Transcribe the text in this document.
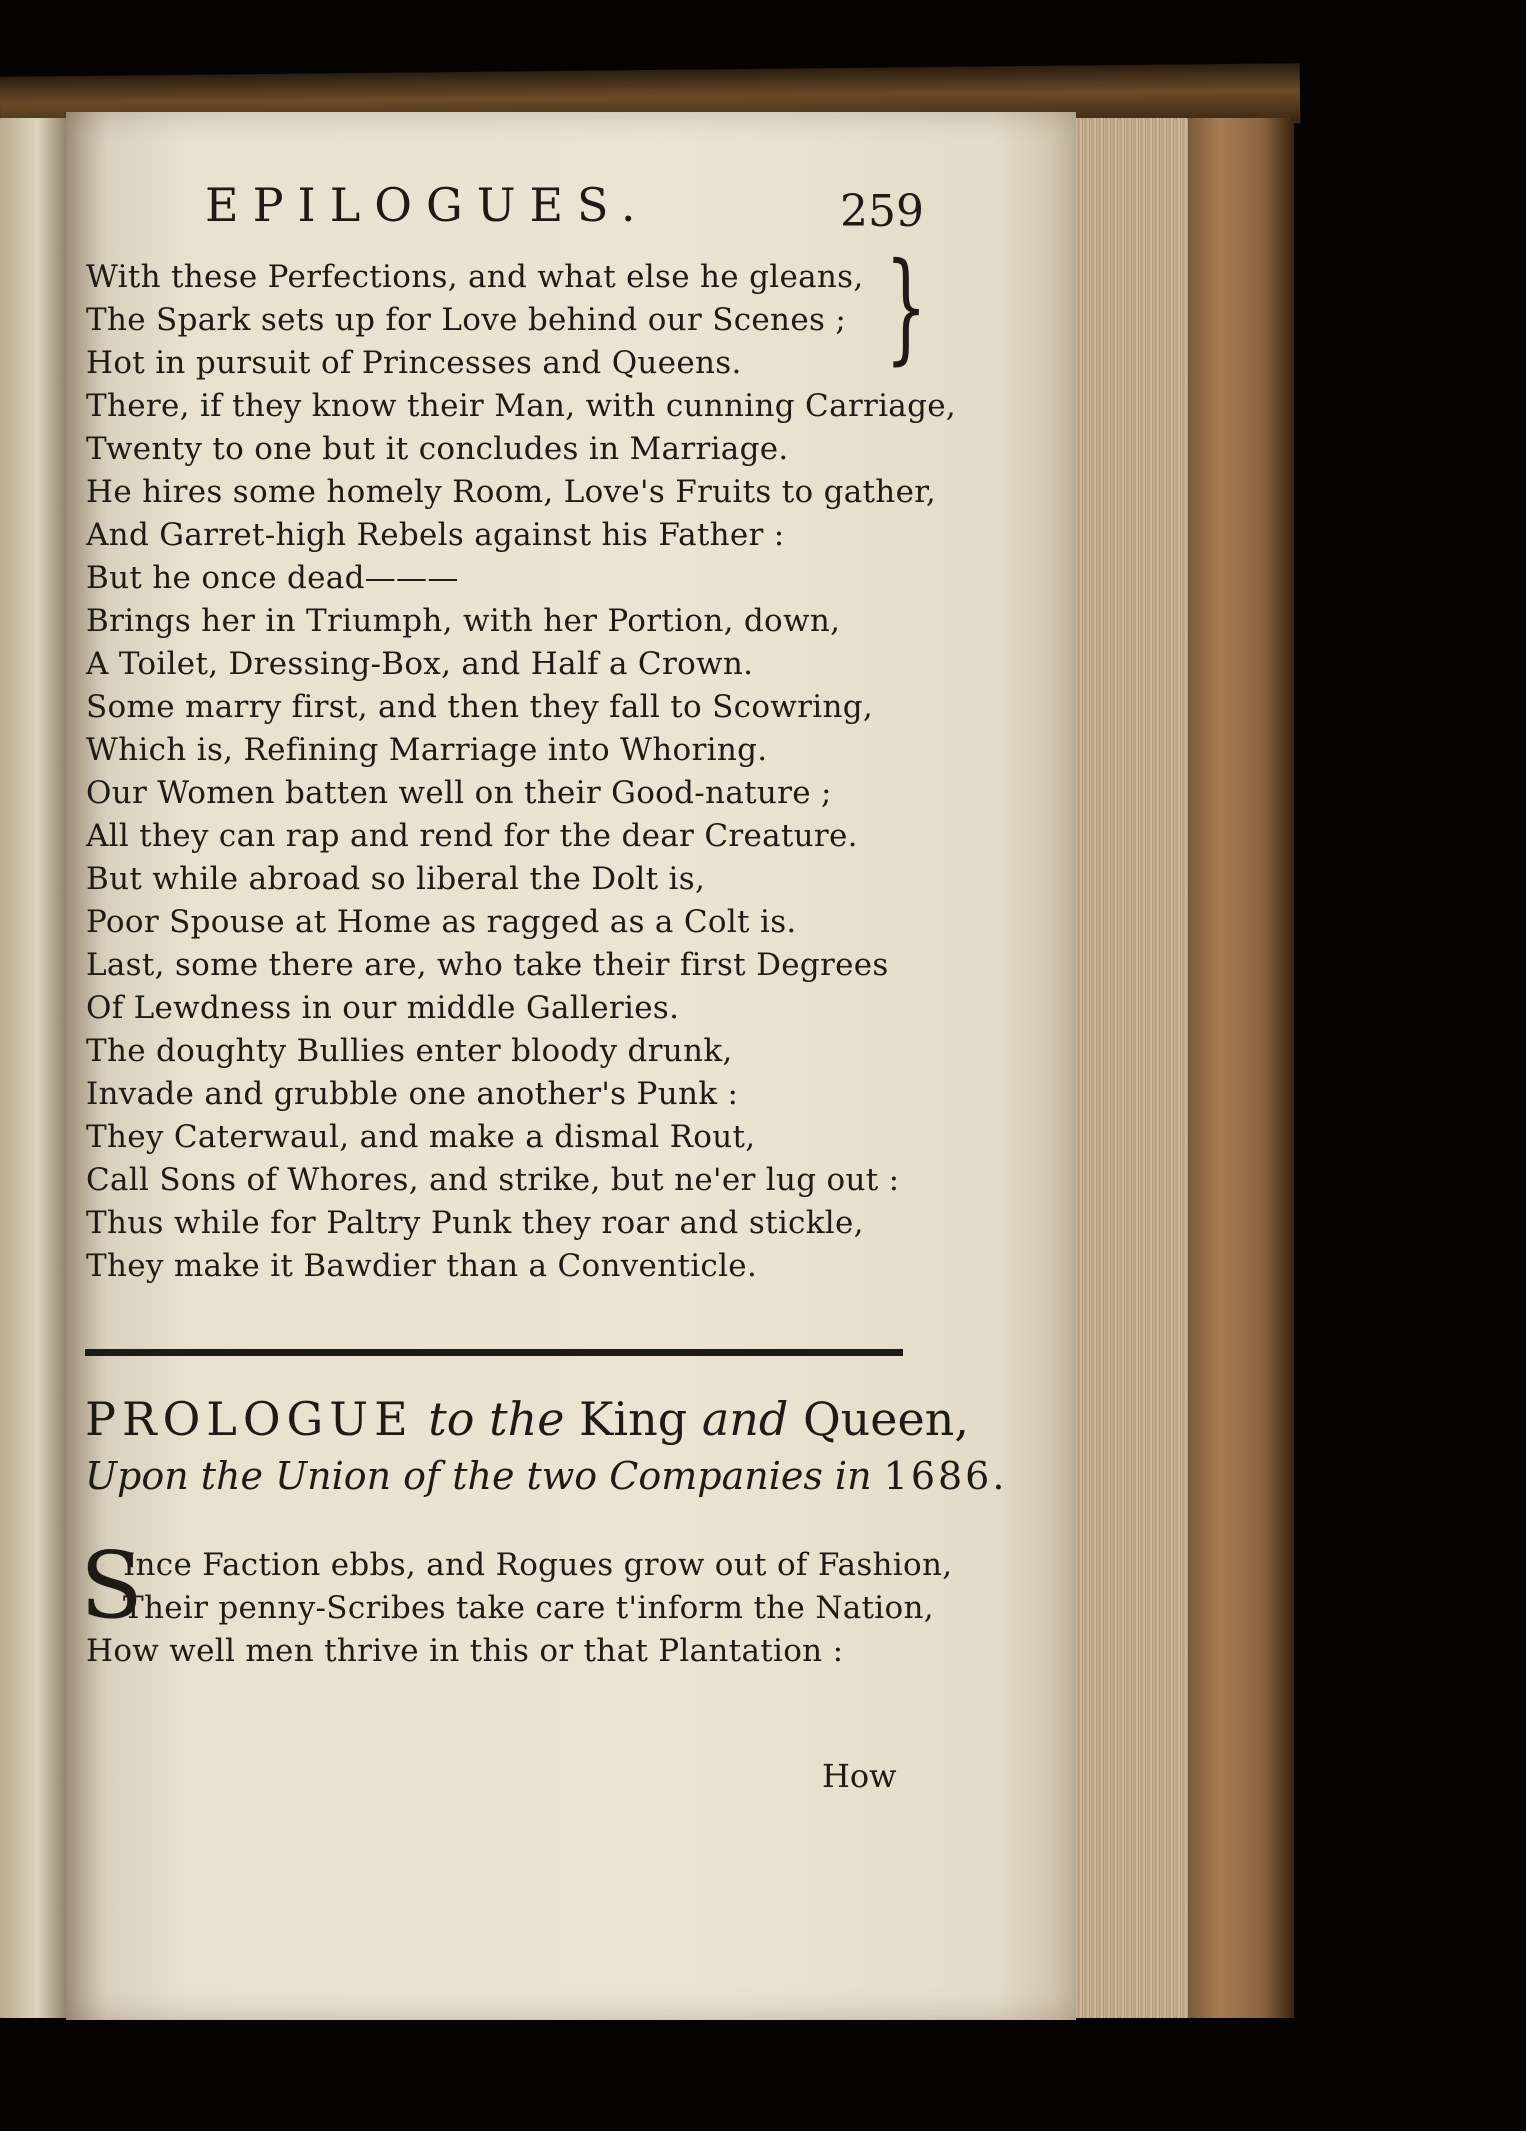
EPILOGUES.	259
}
With these Perfections, and what else he gleans,
The Spark sets up for Love behind our Scenes ;
Hot in pursuit of Princesses and Queens.
There, if they know their Man, with cunning Carriage,
Twenty to one but it concludes in Marriage.
He hires some homely Room, Love's Fruits to gather,
And Garret-high Rebels against his Father :
But he once dead———
Brings her in Triumph, with her Portion, down,
A Toilet, Dressing-Box, and Half a Crown.
Some marry first, and then they fall to Scowring,
Which is, Refining Marriage into Whoring.
Our Women batten well on their Good-nature ;
All they can rap and rend for the dear Creature.
But while abroad so liberal the Dolt is,
Poor Spouse at Home as ragged as a Colt is.
Last, some there are, who take their first Degrees
Of Lewdness in our middle Galleries.
The doughty Bullies enter bloody drunk,
Invade and grubble one another's Punk :
They Caterwaul, and make a dismal Rout,
Call Sons of Whores, and strike, but ne'er lug out :
Thus while for Paltry Punk they roar and stickle,
They make it Bawdier than a Conventicle.
PROLOGUE to the King and Queen,
Upon the Union of the two Companies in 1686.
S
Ince Faction ebbs, and Rogues grow out of Fashion,
Their penny-Scribes take care t'inform the Nation,
How well men thrive in this or that Plantation :
How
